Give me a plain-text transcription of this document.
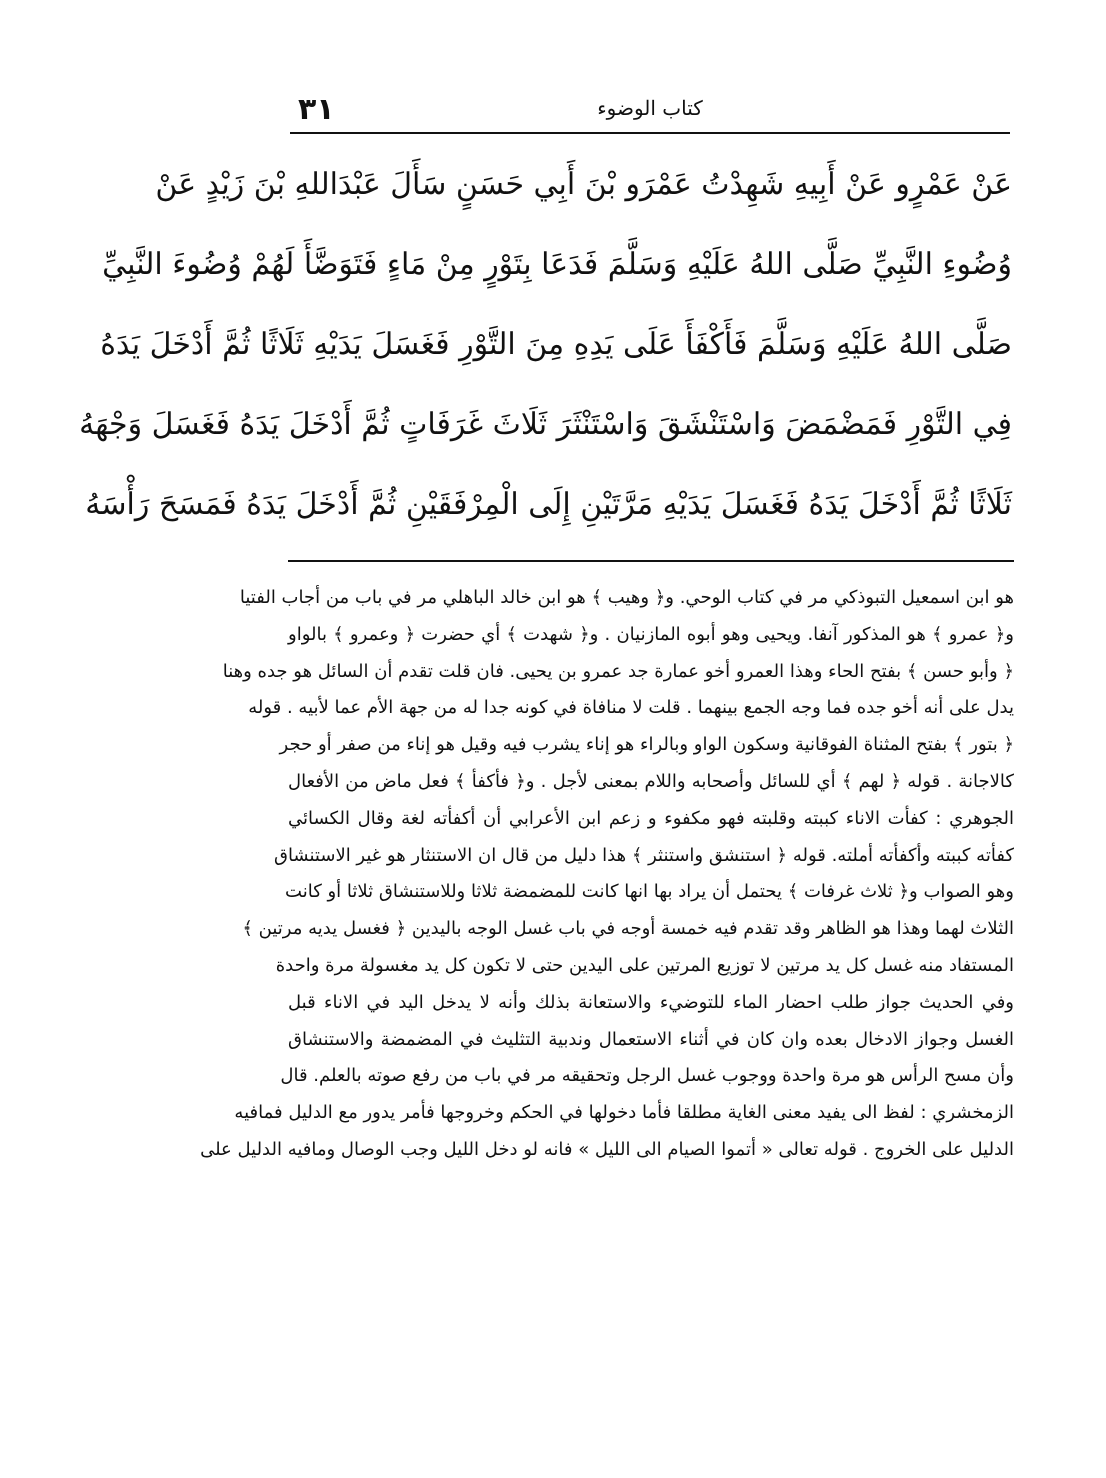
٣١	كتاب الوضوء
عَنْ عَمْرٍو عَنْ أَبِيهِ شَهِدْتُ عَمْرَو بْنَ أَبِي حَسَنٍ سَأَلَ عَبْدَاللهِ بْنَ زَيْدٍ عَنْ
وُضُوءِ النَّبِيِّ صَلَّى اللهُ عَلَيْهِ وَسَلَّمَ فَدَعَا بِتَوْرٍ مِنْ مَاءٍ فَتَوَضَّأَ لَهُمْ وُضُوءَ النَّبِيِّ
صَلَّى اللهُ عَلَيْهِ وَسَلَّمَ فَأَكْفَأَ عَلَى يَدِهِ مِنَ التَّوْرِ فَغَسَلَ يَدَيْهِ ثَلَاثًا ثُمَّ أَدْخَلَ يَدَهُ
فِي التَّوْرِ فَمَضْمَضَ وَاسْتَنْشَقَ وَاسْتَنْثَرَ ثَلَاثَ غَرَفَاتٍ ثُمَّ أَدْخَلَ يَدَهُ فَغَسَلَ وَجْهَهُ
ثَلَاثًا ثُمَّ أَدْخَلَ يَدَهُ فَغَسَلَ يَدَيْهِ مَرَّتَيْنِ إِلَى الْمِرْفَقَيْنِ ثُمَّ أَدْخَلَ يَدَهُ فَمَسَحَ رَأْسَهُ
هو ابن اسمعيل التبوذكي مر في كتاب الوحي. و﴿ وهيب ﴾ هو ابن خالد الباهلي مر في باب من أجاب الفتيا
و﴿ عمرو ﴾ هو المذكور آنفا. ويحيى وهو أبوه المازنيان . و﴿ شهدت ﴾ أي حضرت ﴿ وعمرو ﴾ بالواو
﴿ وأبو حسن ﴾ بفتح الحاء وهذا العمرو أخو عمارة جد عمرو بن يحيى. فان قلت تقدم أن السائل هو جده وهنا
يدل على أنه أخو جده فما وجه الجمع بينهما . قلت لا منافاة في كونه جدا له من جهة الأم عما لأبيه . قوله
﴿ بتور ﴾ بفتح المثناة الفوقانية وسكون الواو وبالراء هو إناء يشرب فيه وقيل هو إناء من صفر أو حجر
كالاجانة . قوله ﴿ لهم ﴾ أي للسائل وأصحابه واللام بمعنى لأجل . و﴿ فأكفأ ﴾ فعل ماض من الأفعال
الجوهري : كفأت الاناء كببته وقلبته فهو مكفوء و زعم ابن الأعرابي أن أكفأته لغة وقال الكسائي
كفأته كببته وأكفأته أملته. قوله ﴿ استنشق واستنثر ﴾ هذا دليل من قال ان الاستنثار هو غير الاستنشاق
وهو الصواب و﴿ ثلاث غرفات ﴾ يحتمل أن يراد بها انها كانت للمضمضة ثلاثا وللاستنشاق ثلاثا أو كانت
الثلاث لهما وهذا هو الظاهر وقد تقدم فيه خمسة أوجه في باب غسل الوجه باليدين ﴿ فغسل يديه مرتين ﴾
المستفاد منه غسل كل يد مرتين لا توزيع المرتين على اليدين حتى لا تكون كل يد مغسولة مرة واحدة
وفي الحديث جواز طلب احضار الماء للتوضيء والاستعانة بذلك وأنه لا يدخل اليد في الاناء قبل
الغسل وجواز الادخال بعده وان كان في أثناء الاستعمال وندبية التثليث في المضمضة والاستنشاق
وأن مسح الرأس هو مرة واحدة ووجوب غسل الرجل وتحقيقه مر في باب من رفع صوته بالعلم. قال
الزمخشري : لفظ الى يفيد معنى الغاية مطلقا فأما دخولها في الحكم وخروجها فأمر يدور مع الدليل فمافيه
الدليل على الخروج . قوله تعالى « أتموا الصيام الى الليل » فانه لو دخل الليل وجب الوصال ومافيه الدليل على
